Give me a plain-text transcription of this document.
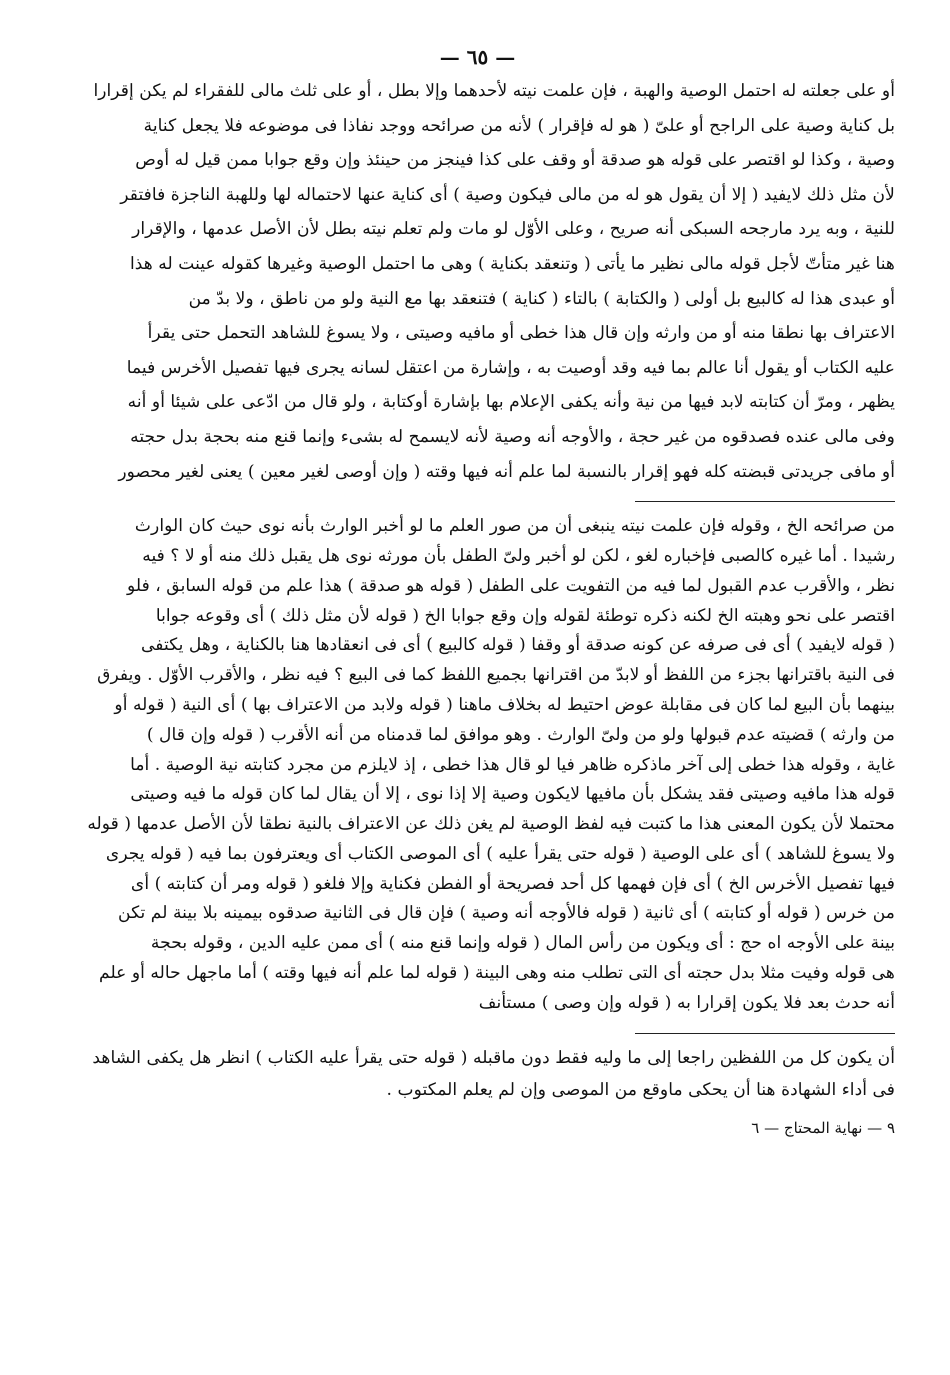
— ٦٥ —

أو على جعلته له احتمل الوصية والهبة ، فإن علمت نيته لأحدهما وإلا بطل ، أو على ثلث مالى للفقراء لم يكن إقرارا

بل كناية وصية على الراجح أو علىّ ( هو له فإقرار ) لأنه من صرائحه ووجد نفاذا فى موضوعه فلا يجعل كناية

وصية ، وكذا لو اقتصر على قوله هو صدقة أو وقف على كذا فينجز من حينئذ وإن وقع جوابا ممن قيل له أوص

لأن مثل ذلك لايفيد ( إلا أن يقول هو له من مالى فيكون وصية ) أى كناية عنها لاحتماله لها وللهبة الناجزة فافتقر

للنية ، وبه يرد مارجحه السبكى أنه صريح ، وعلى الأوّل لو مات ولم تعلم نيته بطل لأن الأصل عدمها ، والإقرار

هنا غير متأتّ لأجل قوله مالى نظير ما يأتى ( وتنعقد بكناية ) وهى ما احتمل الوصية وغيرها كقوله عينت له هذا

أو عبدى هذا له كالبيع بل أولى ( والكتابة ) بالتاء ( كناية ) فتنعقد بها مع النية ولو من ناطق ، ولا بدّ من

الاعتراف بها نطقا منه أو من وارثه وإن قال هذا خطى أو مافيه وصيتى ، ولا يسوغ للشاهد التحمل حتى يقرأ

عليه الكتاب أو يقول أنا عالم بما فيه وقد أوصيت به ، وإشارة من اعتقل لسانه يجرى فيها تفصيل الأخرس فيما

يظهر ، ومرّ أن كتابته لابد فيها من نية وأنه يكفى الإعلام بها بإشارة أوكتابة ، ولو قال من ادّعى على شيئا أو أنه

وفى مالى عنده فصدقوه من غير حجة ، والأوجه أنه وصية لأنه لايسمح له بشىء وإنما قنع منه بحجة بدل حجته

أو مافى جريدتى قبضته كله فهو إقرار بالنسبة لما علم أنه فيها وقته ( وإن أوصى لغير معين ) يعنى لغير محصور

من صرائحه الخ ، وقوله فإن علمت نيته ينبغى أن من صور العلم ما لو أخبر الوارث بأنه نوى حيث كان الوارث

رشيدا . أما غيره كالصبى فإخباره لغو ، لكن لو أخبر ولىّ الطفل بأن مورثه نوى هل يقبل ذلك منه أو لا ؟ فيه

نظر ، والأقرب عدم القبول لما فيه من التفويت على الطفل ( قوله هو صدقة ) هذا علم من قوله السابق ، فلو

اقتصر على نحو وهبته الخ لكنه ذكره توطئة لقوله وإن وقع جوابا الخ ( قوله لأن مثل ذلك ) أى وقوعه جوابا

( قوله لايفيد ) أى فى صرفه عن كونه صدقة أو وقفا ( قوله كالبيع ) أى فى انعقادها هنا بالكناية ، وهل يكتفى

فى النية باقترانها بجزء من اللفظ أو لابدّ من اقترانها بجميع اللفظ كما فى البيع ؟ فيه نظر ، والأقرب الأوّل . ويفرق

بينهما بأن البيع لما كان فى مقابلة عوض احتيط له بخلاف ماهنا ( قوله ولابد من الاعتراف بها ) أى النية ( قوله أو

من وارثه ) قضيته عدم قبولها ولو من ولىّ الوارث . وهو موافق لما قدمناه من أنه الأقرب ( قوله وإن قال )

غاية ، وقوله هذا خطى إلى آخر ماذكره ظاهر فيا لو قال هذا خطى ، إذ لايلزم من مجرد كتابته نية الوصية . أما

قوله هذا مافيه وصيتى فقد يشكل بأن مافيها لايكون وصية إلا إذا نوى ، إلا أن يقال لما كان قوله ما فيه وصيتى

محتملا لأن يكون المعنى هذا ما كتبت فيه لفظ الوصية لم يغن ذلك عن الاعتراف بالنية نطقا لأن الأصل عدمها ( قوله

ولا يسوغ للشاهد ) أى على الوصية ( قوله حتى يقرأ عليه ) أى الموصى الكتاب أى ويعترفون بما فيه ( قوله يجرى

فيها تفصيل الأخرس الخ ) أى فإن فهمها كل أحد فصريحة أو الفطن فكناية وإلا فلغو ( قوله ومر أن كتابته ) أى

من خرس ( قوله أو كتابته ) أى ثانية ( قوله فالأوجه أنه وصية ) فإن قال فى الثانية صدقوه بيمينه بلا بينة لم تكن

بينة على الأوجه اه حج : أى ويكون من رأس المال ( قوله وإنما قنع منه ) أى ممن عليه الدين ، وقوله بحجة

هى قوله وفيت مثلا بدل حجته أى التى تطلب منه وهى البينة ( قوله لما علم أنه فيها وقته ) أما ماجهل حاله أو علم

أنه حدث بعد فلا يكون إقرارا به ( قوله وإن وصى ) مستأنف

أن يكون كل من اللفظين راجعا إلى ما وليه فقط دون ماقبله ( قوله حتى يقرأ عليه الكتاب ) انظر هل يكفى الشاهد

فى أداء الشهادة هنا أن يحكى ماوقع من الموصى وإن لم يعلم المكتوب .

٩ — نهاية المحتاج — ٦
